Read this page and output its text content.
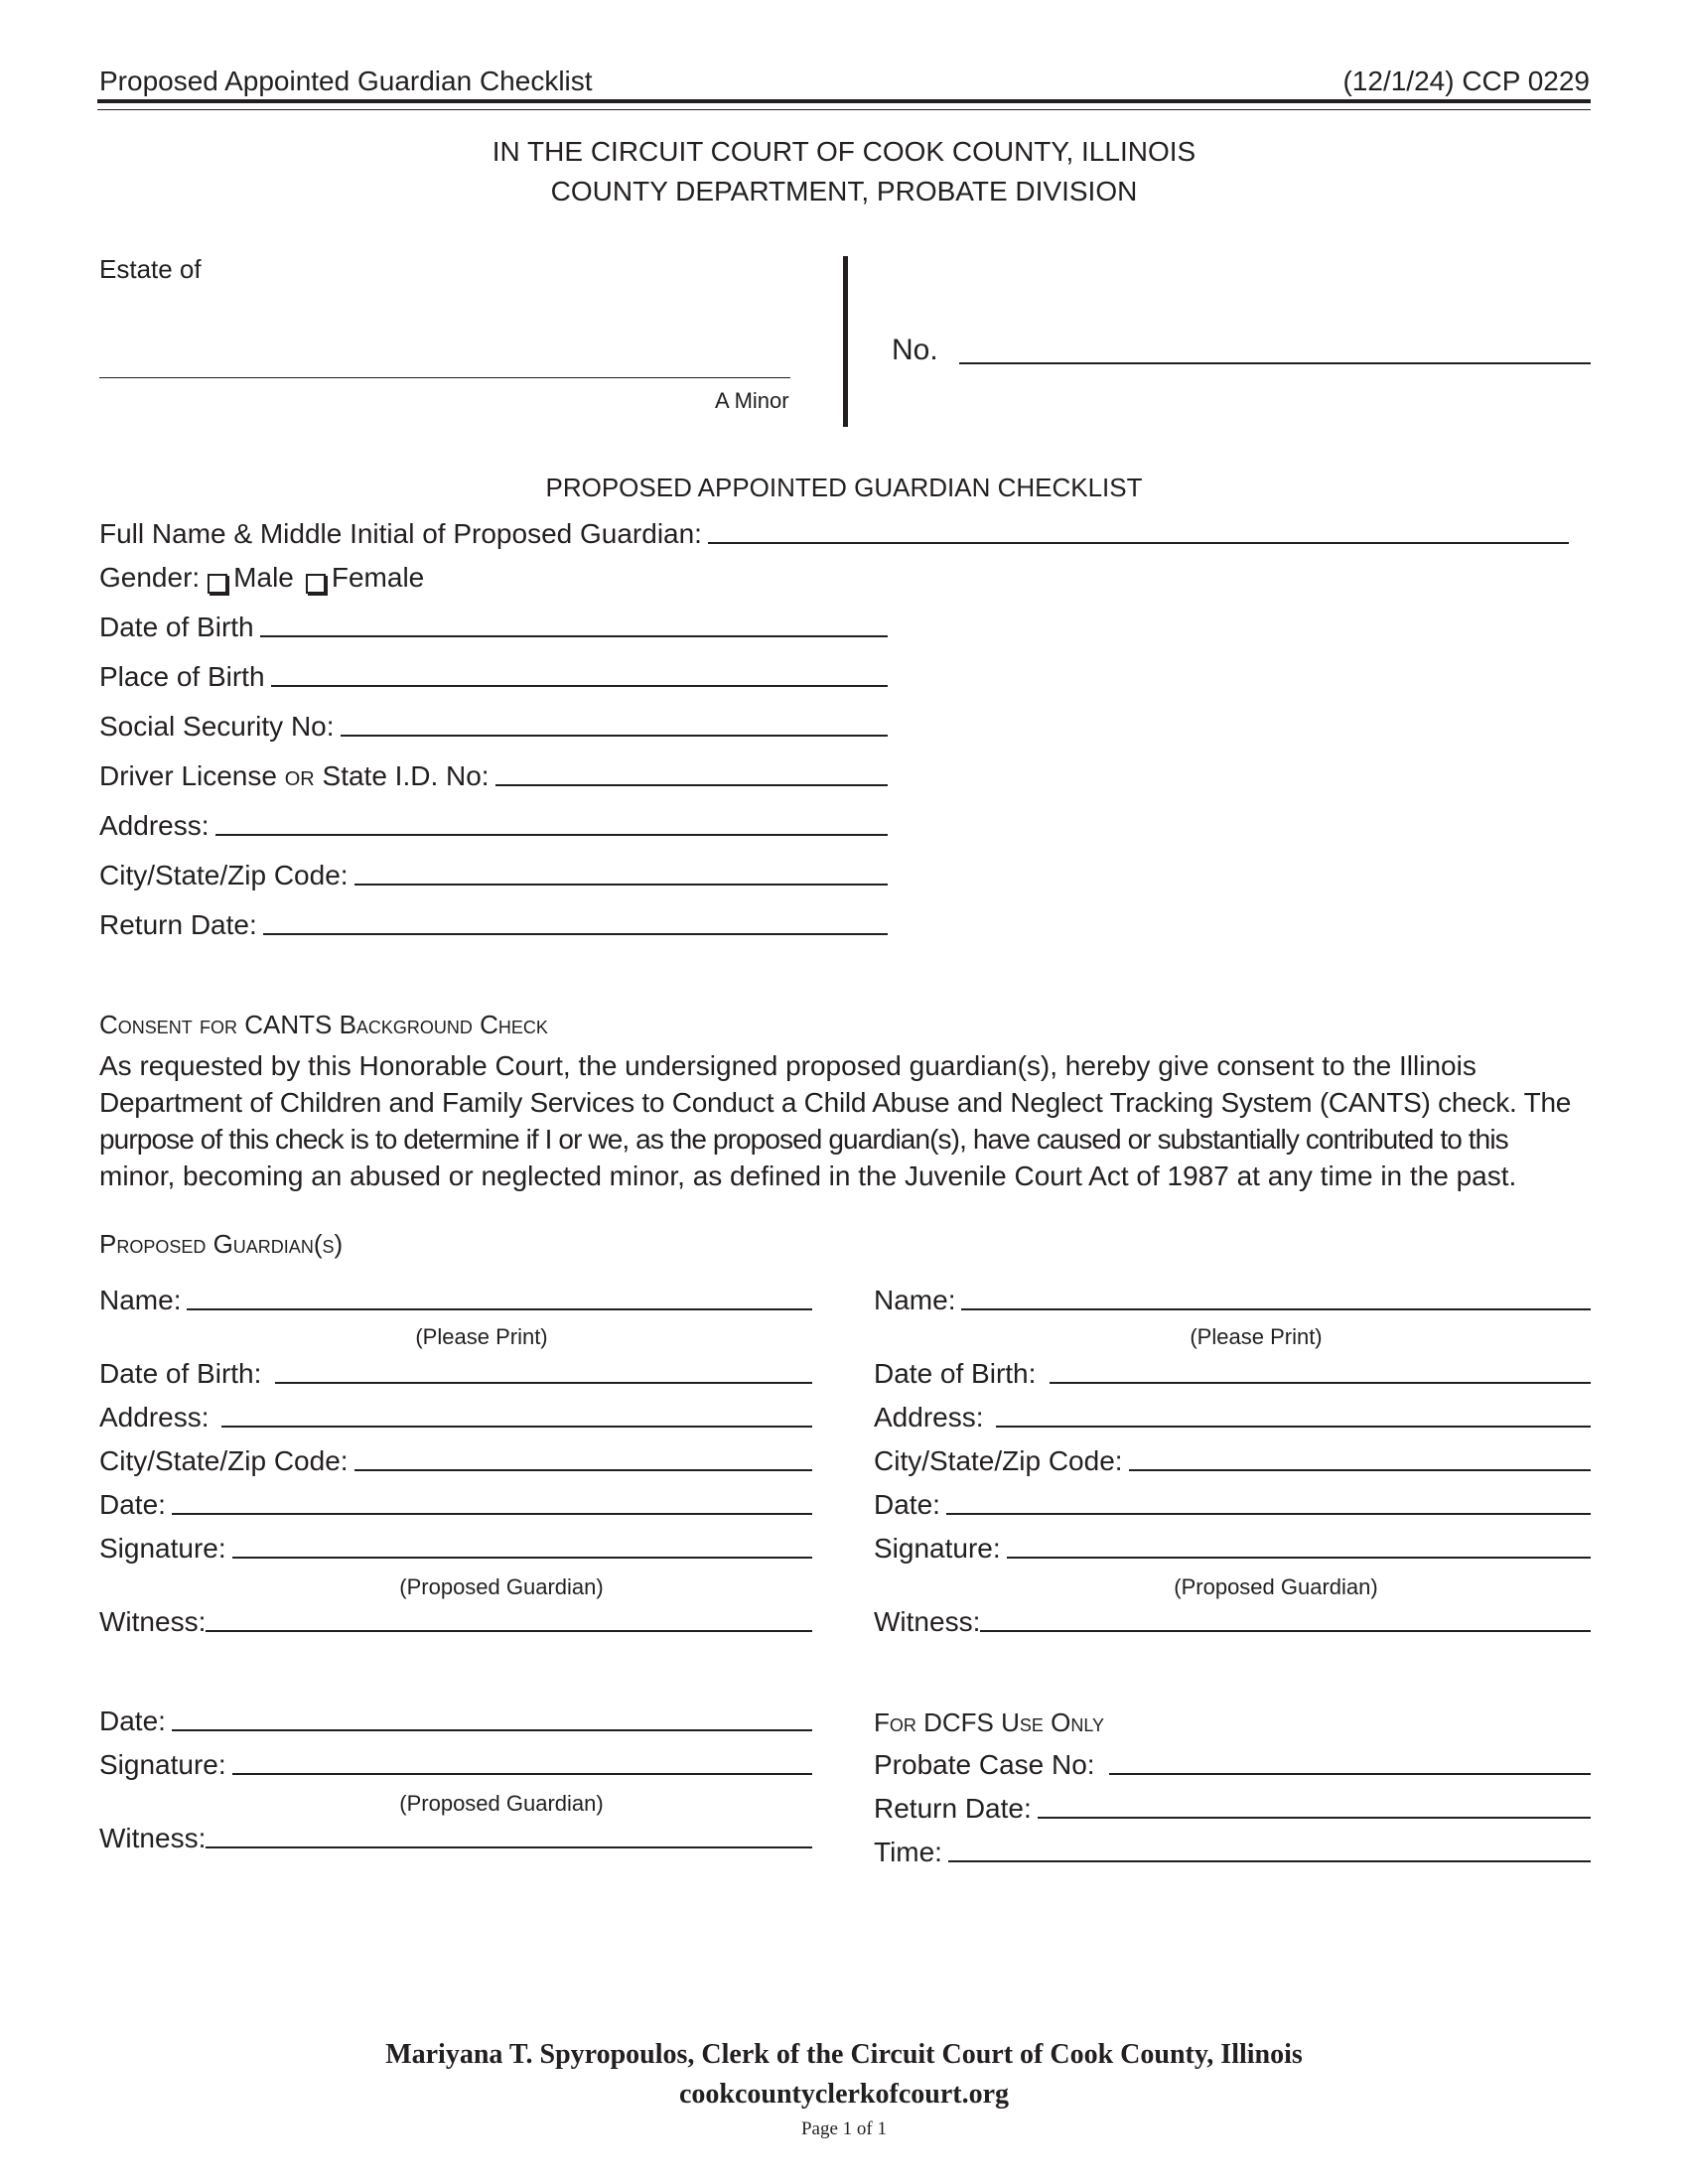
Proposed Appointed Guardian Checklist	(12/1/24) CCP 0229
IN THE CIRCUIT COURT OF COOK COUNTY, ILLINOIS
COUNTY DEPARTMENT, PROBATE DIVISION
Estate of
A Minor
No.
PROPOSED APPOINTED GUARDIAN CHECKLIST
Full Name & Middle Initial of Proposed Guardian:
Gender: Male Female
Date of Birth
Place of Birth
Social Security No:
Driver License or State I.D. No:
Address:
City/State/Zip Code:
Return Date:
Consent for CANTS Background Check
As requested by this Honorable Court, the undersigned proposed guardian(s), hereby give consent to the Illinois
Department of Children and Family Services to Conduct a Child Abuse and Neglect Tracking System (CANTS) check. The
purpose of this check is to determine if I or we, as the proposed guardian(s), have caused or substantially contributed to this
minor, becoming an abused or neglected minor, as defined in the Juvenile Court Act of 1987 at any time in the past.
Proposed Guardian(s)
Name:
(Please Print)
Date of Birth:
Address:
City/State/Zip Code:
Date:
Signature:
(Proposed Guardian)
Witness:
Name:
(Please Print)
Date of Birth:
Address:
City/State/Zip Code:
Date:
Signature:
(Proposed Guardian)
Witness:
Date:
Signature:
(Proposed Guardian)
Witness:
For DCFS Use Only
Probate Case No:
Return Date:
Time:
Mariyana T. Spyropoulos, Clerk of the Circuit Court of Cook County, Illinois
cookcountyclerkofcourt.org
Page 1 of 1
